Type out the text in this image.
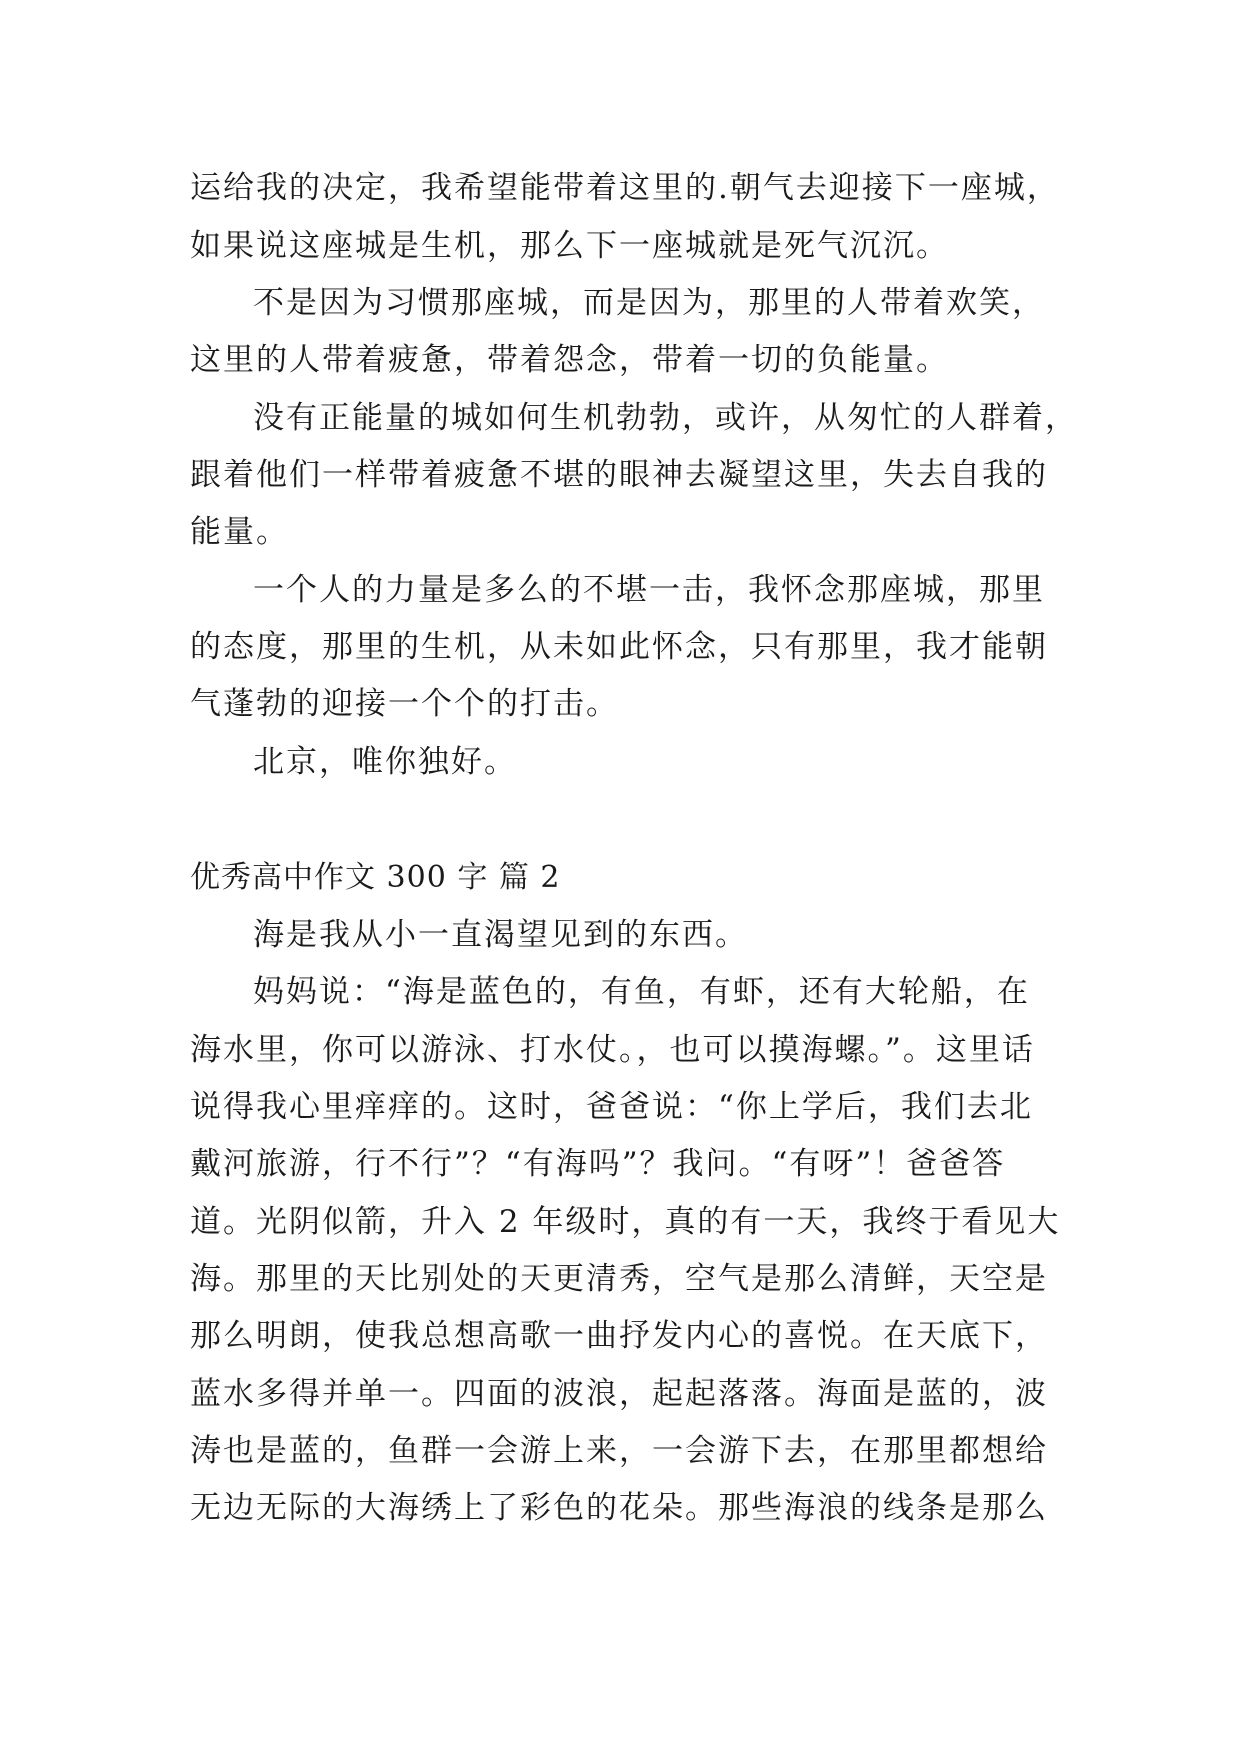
运给我的决定，我希望能带着这里的.朝气去迎接下一座城，
如果说这座城是生机，那么下一座城就是死气沉沉。
不是因为习惯那座城，而是因为，那里的人带着欢笑，
这里的人带着疲惫，带着怨念，带着一切的负能量。
没有正能量的城如何生机勃勃，或许，从匆忙的人群着，
跟着他们一样带着疲惫不堪的眼神去凝望这里，失去自我的
能量。
一个人的力量是多么的不堪一击，我怀念那座城，那里
的态度，那里的生机，从未如此怀念，只有那里，我才能朝
气蓬勃的迎接一个个的打击。
北京，唯你独好。
优秀高中作文 300 字 篇 2
海是我从小一直渴望见到的东西。
妈妈说：“海是蓝色的，有鱼，有虾，还有大轮船，在
海水里，你可以游泳、打水仗。，也可以摸海螺。”。这里话
说得我心里痒痒的。这时，爸爸说：“你上学后，我们去北
戴河旅游，行不行”？“有海吗”？我问。“有呀”！爸爸答
道。光阴似箭，升入 2 年级时，真的有一天，我终于看见大
海。那里的天比别处的天更清秀，空气是那么清鲜，天空是
那么明朗，使我总想高歌一曲抒发内心的喜悦。在天底下，
蓝水多得并单一。四面的波浪，起起落落。海面是蓝的，波
涛也是蓝的，鱼群一会游上来，一会游下去，在那里都想给
无边无际的大海绣上了彩色的花朵。那些海浪的线条是那么
